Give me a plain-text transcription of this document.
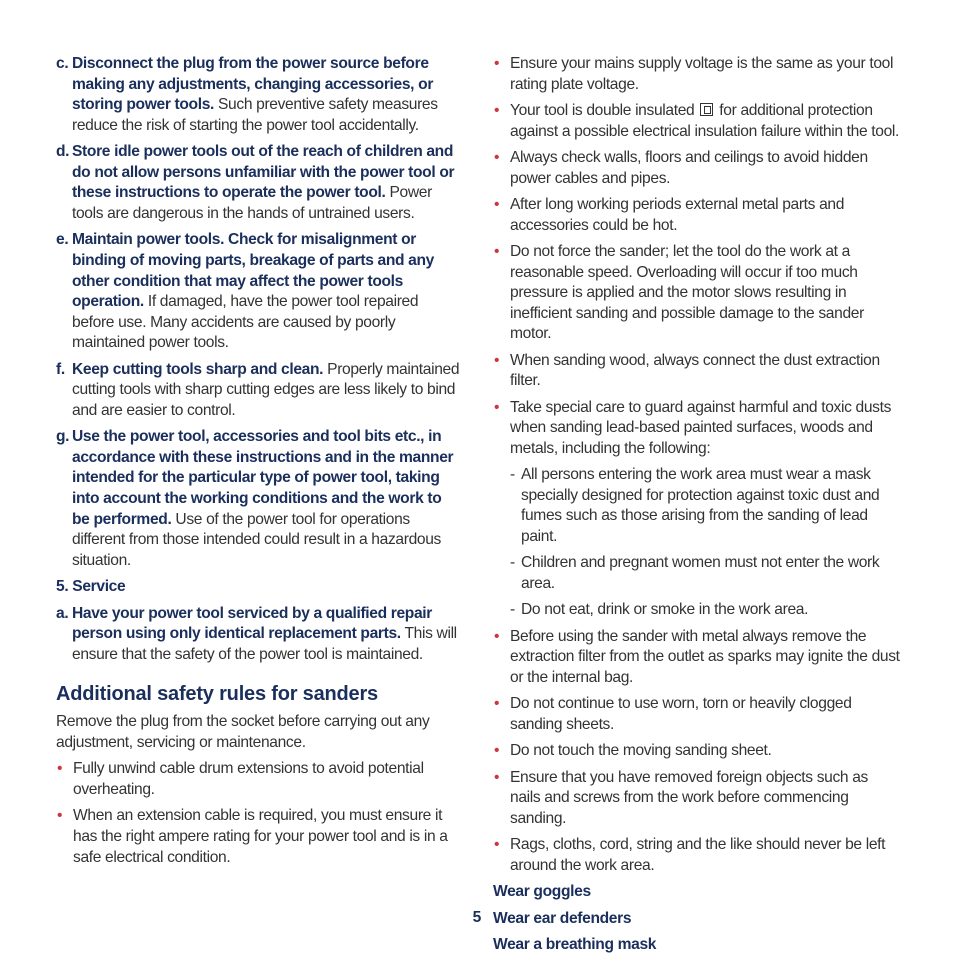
c. Disconnect the plug from the power source before making any adjustments, changing accessories, or storing power tools. Such preventive safety measures reduce the risk of starting the power tool accidentally.
d. Store idle power tools out of the reach of children and do not allow persons unfamiliar with the power tool or these instructions to operate the power tool. Power tools are dangerous in the hands of untrained users.
e. Maintain power tools. Check for misalignment or binding of moving parts, breakage of parts and any other condition that may affect the power tools operation. If damaged, have the power tool repaired before use. Many accidents are caused by poorly maintained power tools.
f. Keep cutting tools sharp and clean. Properly maintained cutting tools with sharp cutting edges are less likely to bind and are easier to control.
g. Use the power tool, accessories and tool bits etc., in accordance with these instructions and in the manner intended for the particular type of power tool, taking into account the working conditions and the work to be performed. Use of the power tool for operations different from those intended could result in a hazardous situation.
5. Service
a. Have your power tool serviced by a qualified repair person using only identical replacement parts. This will ensure that the safety of the power tool is maintained.
Additional safety rules for sanders
Remove the plug from the socket before carrying out any adjustment, servicing or maintenance.
• Fully unwind cable drum extensions to avoid potential overheating.
• When an extension cable is required, you must ensure it has the right ampere rating for your power tool and is in a safe electrical condition.
• Ensure your mains supply voltage is the same as your tool rating plate voltage.
• Your tool is double insulated  for additional protection against a possible electrical insulation failure within the tool.
• Always check walls, floors and ceilings to avoid hidden power cables and pipes.
• After long working periods external metal parts and accessories could be hot.
• Do not force the sander; let the tool do the work at a reasonable speed. Overloading will occur if too much pressure is applied and the motor slows resulting in inefficient sanding and possible damage to the sander motor.
• When sanding wood, always connect the dust extraction filter.
• Take special care to guard against harmful and toxic dusts when sanding lead-based painted surfaces, woods and metals, including the following:
- All persons entering the work area must wear a mask specially designed for protection against toxic dust and fumes such as those arising from the sanding of lead paint.
- Children and pregnant women must not enter the work area.
- Do not eat, drink or smoke in the work area.
• Before using the sander with metal always remove the extraction filter from the outlet as sparks may ignite the dust or the internal bag.
• Do not continue to use worn, torn or heavily clogged sanding sheets.
• Do not touch the moving sanding sheet.
• Ensure that you have removed foreign objects such as nails and screws from the work before commencing sanding.
• Rags, cloths, cord, string and the like should never be left around the work area.
Wear goggles
Wear ear defenders
Wear a breathing mask
5
